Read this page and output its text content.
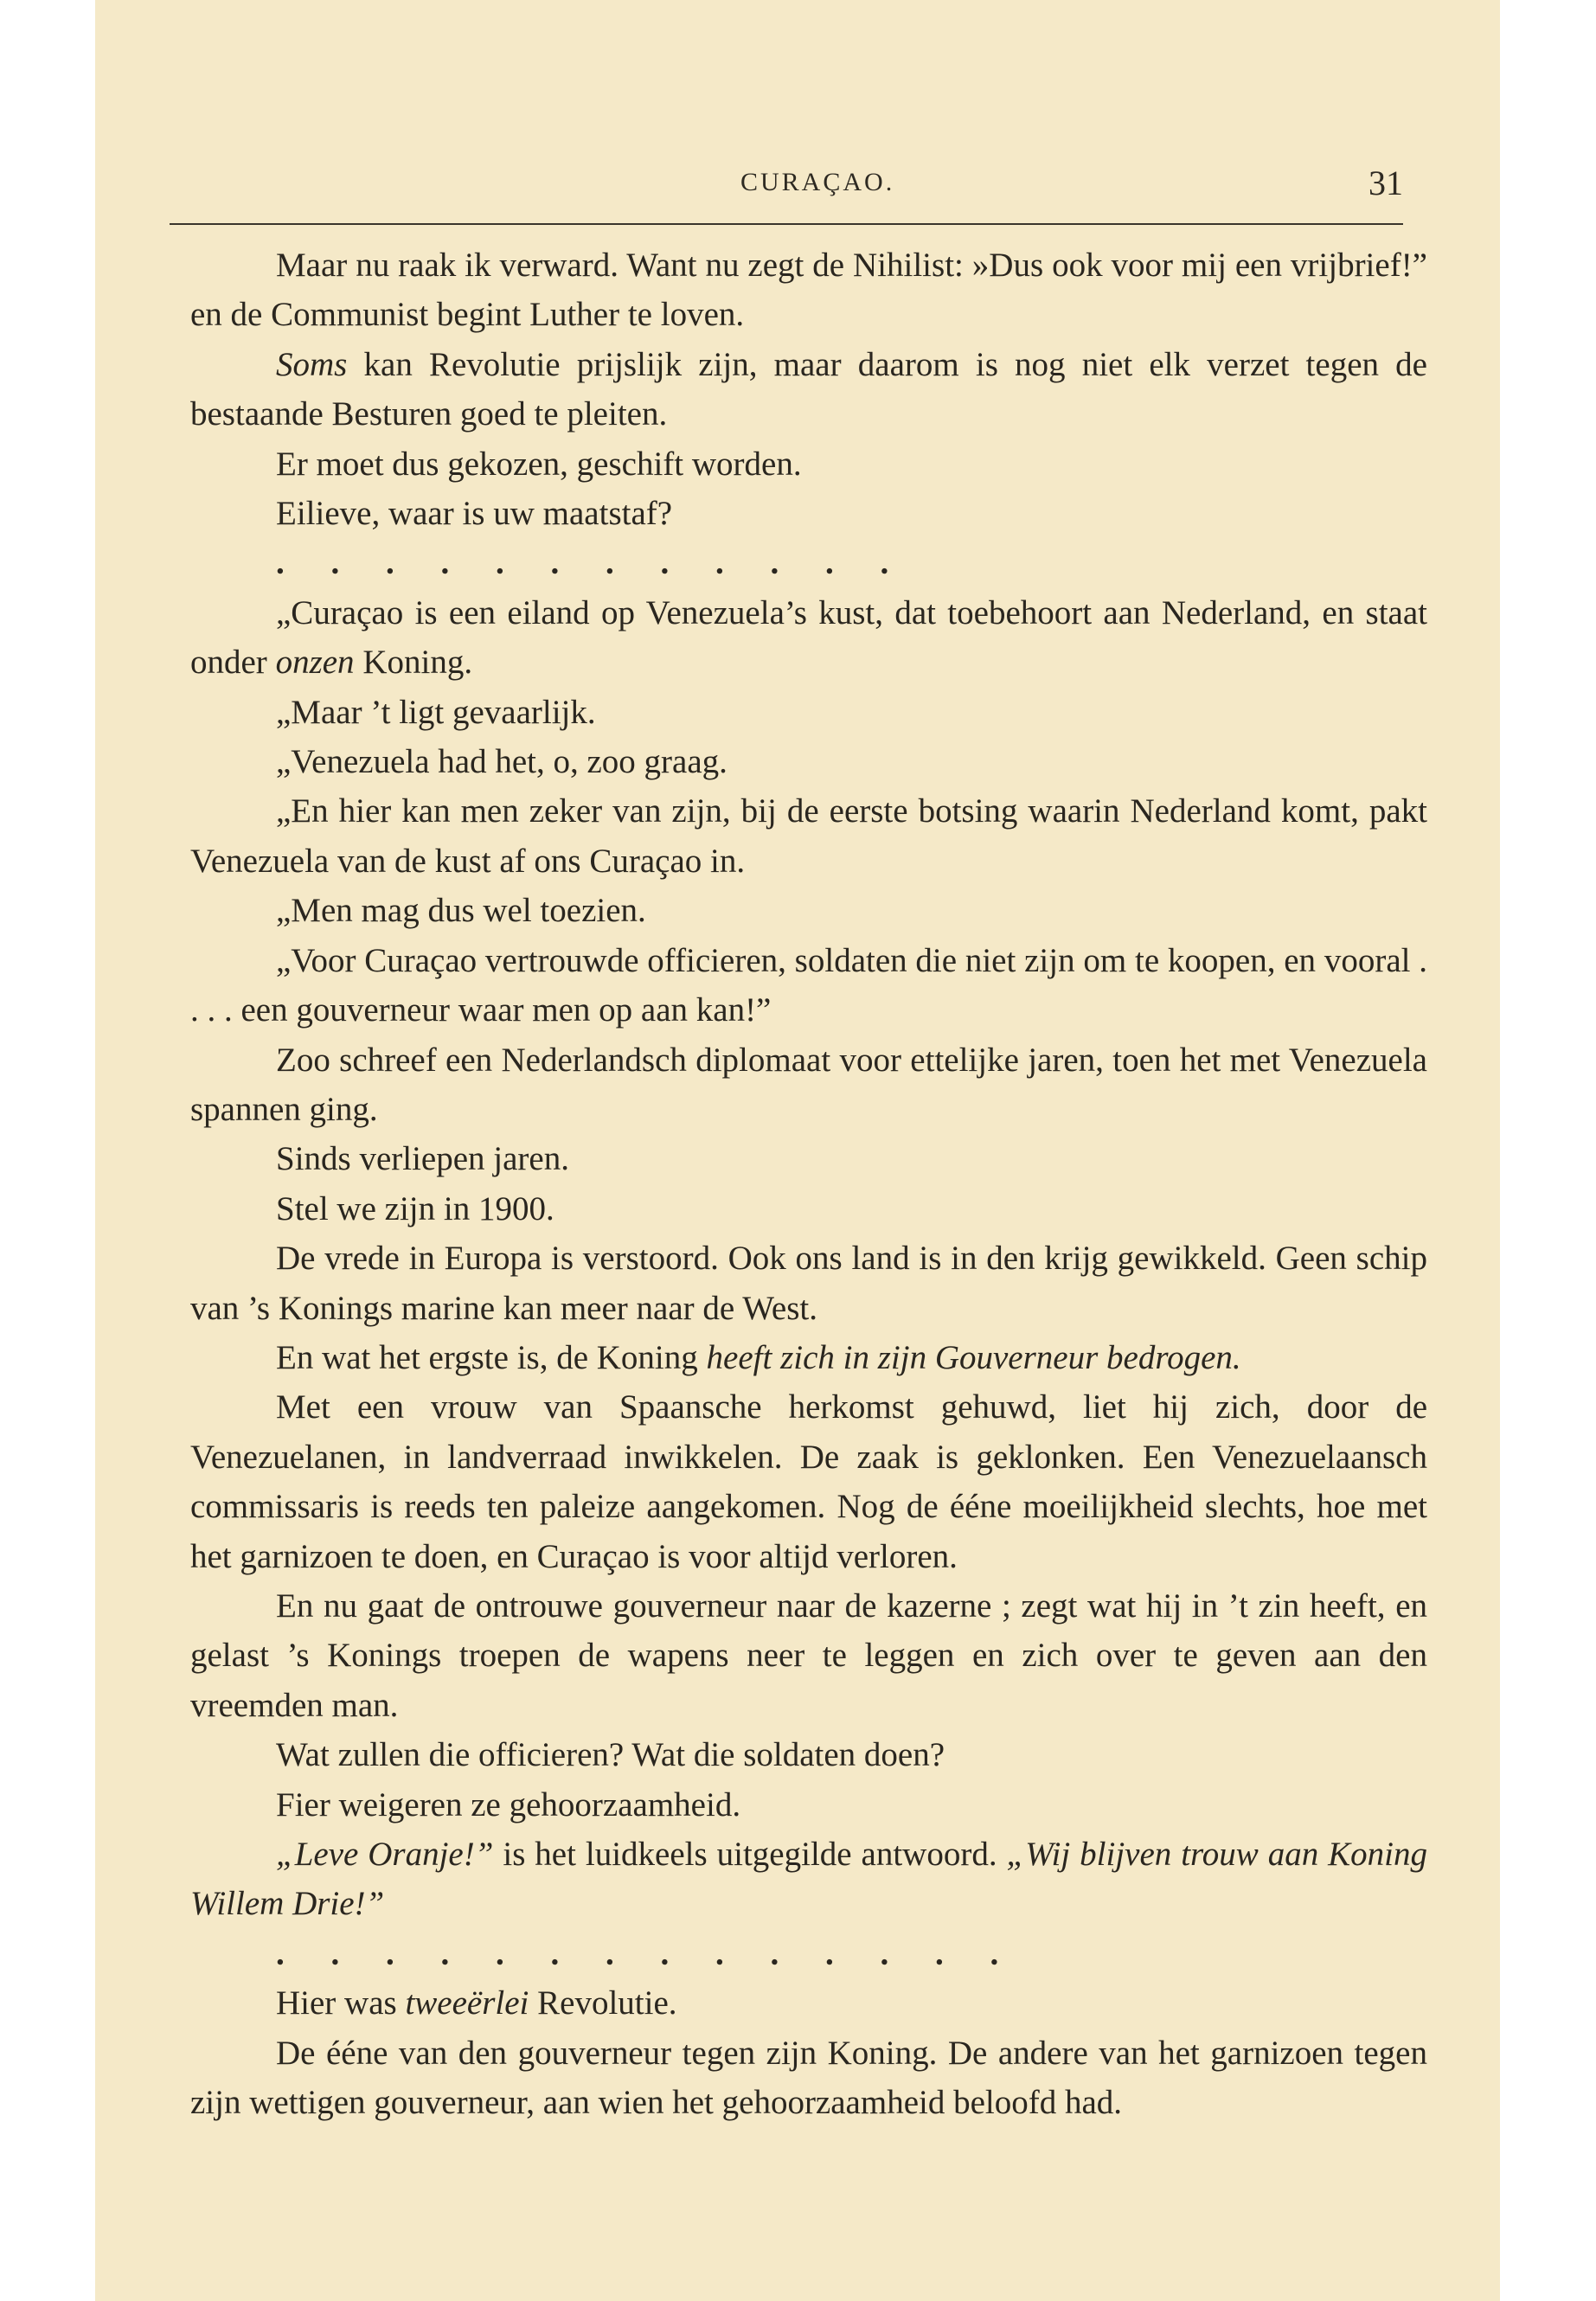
CURAÇAO.	31

Maar nu raak ik verward. Want nu zegt de Nihilist: »Dus ook voor mij een vrijbrief!” en de Communist begint Luther te loven.

Soms kan Revolutie prijslijk zijn, maar daarom is nog niet elk verzet tegen de bestaande Besturen goed te pleiten.

Er moet dus gekozen, geschift worden.

Eilieve, waar is uw maatstaf?

. . . . . . . . . . . .

„Curaçao is een eiland op Venezuela’s kust, dat toebehoort aan Nederland, en staat onder onzen Koning.

„Maar ’t ligt gevaarlijk.

„Venezuela had het, o, zoo graag.

„En hier kan men zeker van zijn, bij de eerste botsing waarin Nederland komt, pakt Venezuela van de kust af ons Curaçao in.

„Men mag dus wel toezien.

„Voor Curaçao vertrouwde officieren, soldaten die niet zijn om te koopen, en vooral . . . . een gouverneur waar men op aan kan!”

Zoo schreef een Nederlandsch diplomaat voor ettelijke jaren, toen het met Venezuela spannen ging.

Sinds verliepen jaren.

Stel we zijn in 1900.

De vrede in Europa is verstoord. Ook ons land is in den krijg gewikkeld. Geen schip van ’s Konings marine kan meer naar de West.

En wat het ergste is, de Koning heeft zich in zijn Gouverneur bedrogen.

Met een vrouw van Spaansche herkomst gehuwd, liet hij zich, door de Venezuelanen, in landverraad inwikkelen. De zaak is geklonken. Een Venezuelaansch commissaris is reeds ten paleize aangekomen. Nog de ééne moeilijkheid slechts, hoe met het garnizoen te doen, en Curaçao is voor altijd verloren.

En nu gaat de ontrouwe gouverneur naar de kazerne ; zegt wat hij in ’t zin heeft, en gelast ’s Konings troepen de wapens neer te leggen en zich over te geven aan den vreemden man.

Wat zullen die officieren? Wat die soldaten doen?

Fier weigeren ze gehoorzaamheid.

„Leve Oranje!” is het luidkeels uitgegilde antwoord. „Wij blijven trouw aan Koning Willem Drie!”

. . . . . . . . . . . . . .

Hier was tweeërlei Revolutie.

De ééne van den gouverneur tegen zijn Koning. De andere van het garnizoen tegen zijn wettigen gouverneur, aan wien het gehoorzaamheid beloofd had.
